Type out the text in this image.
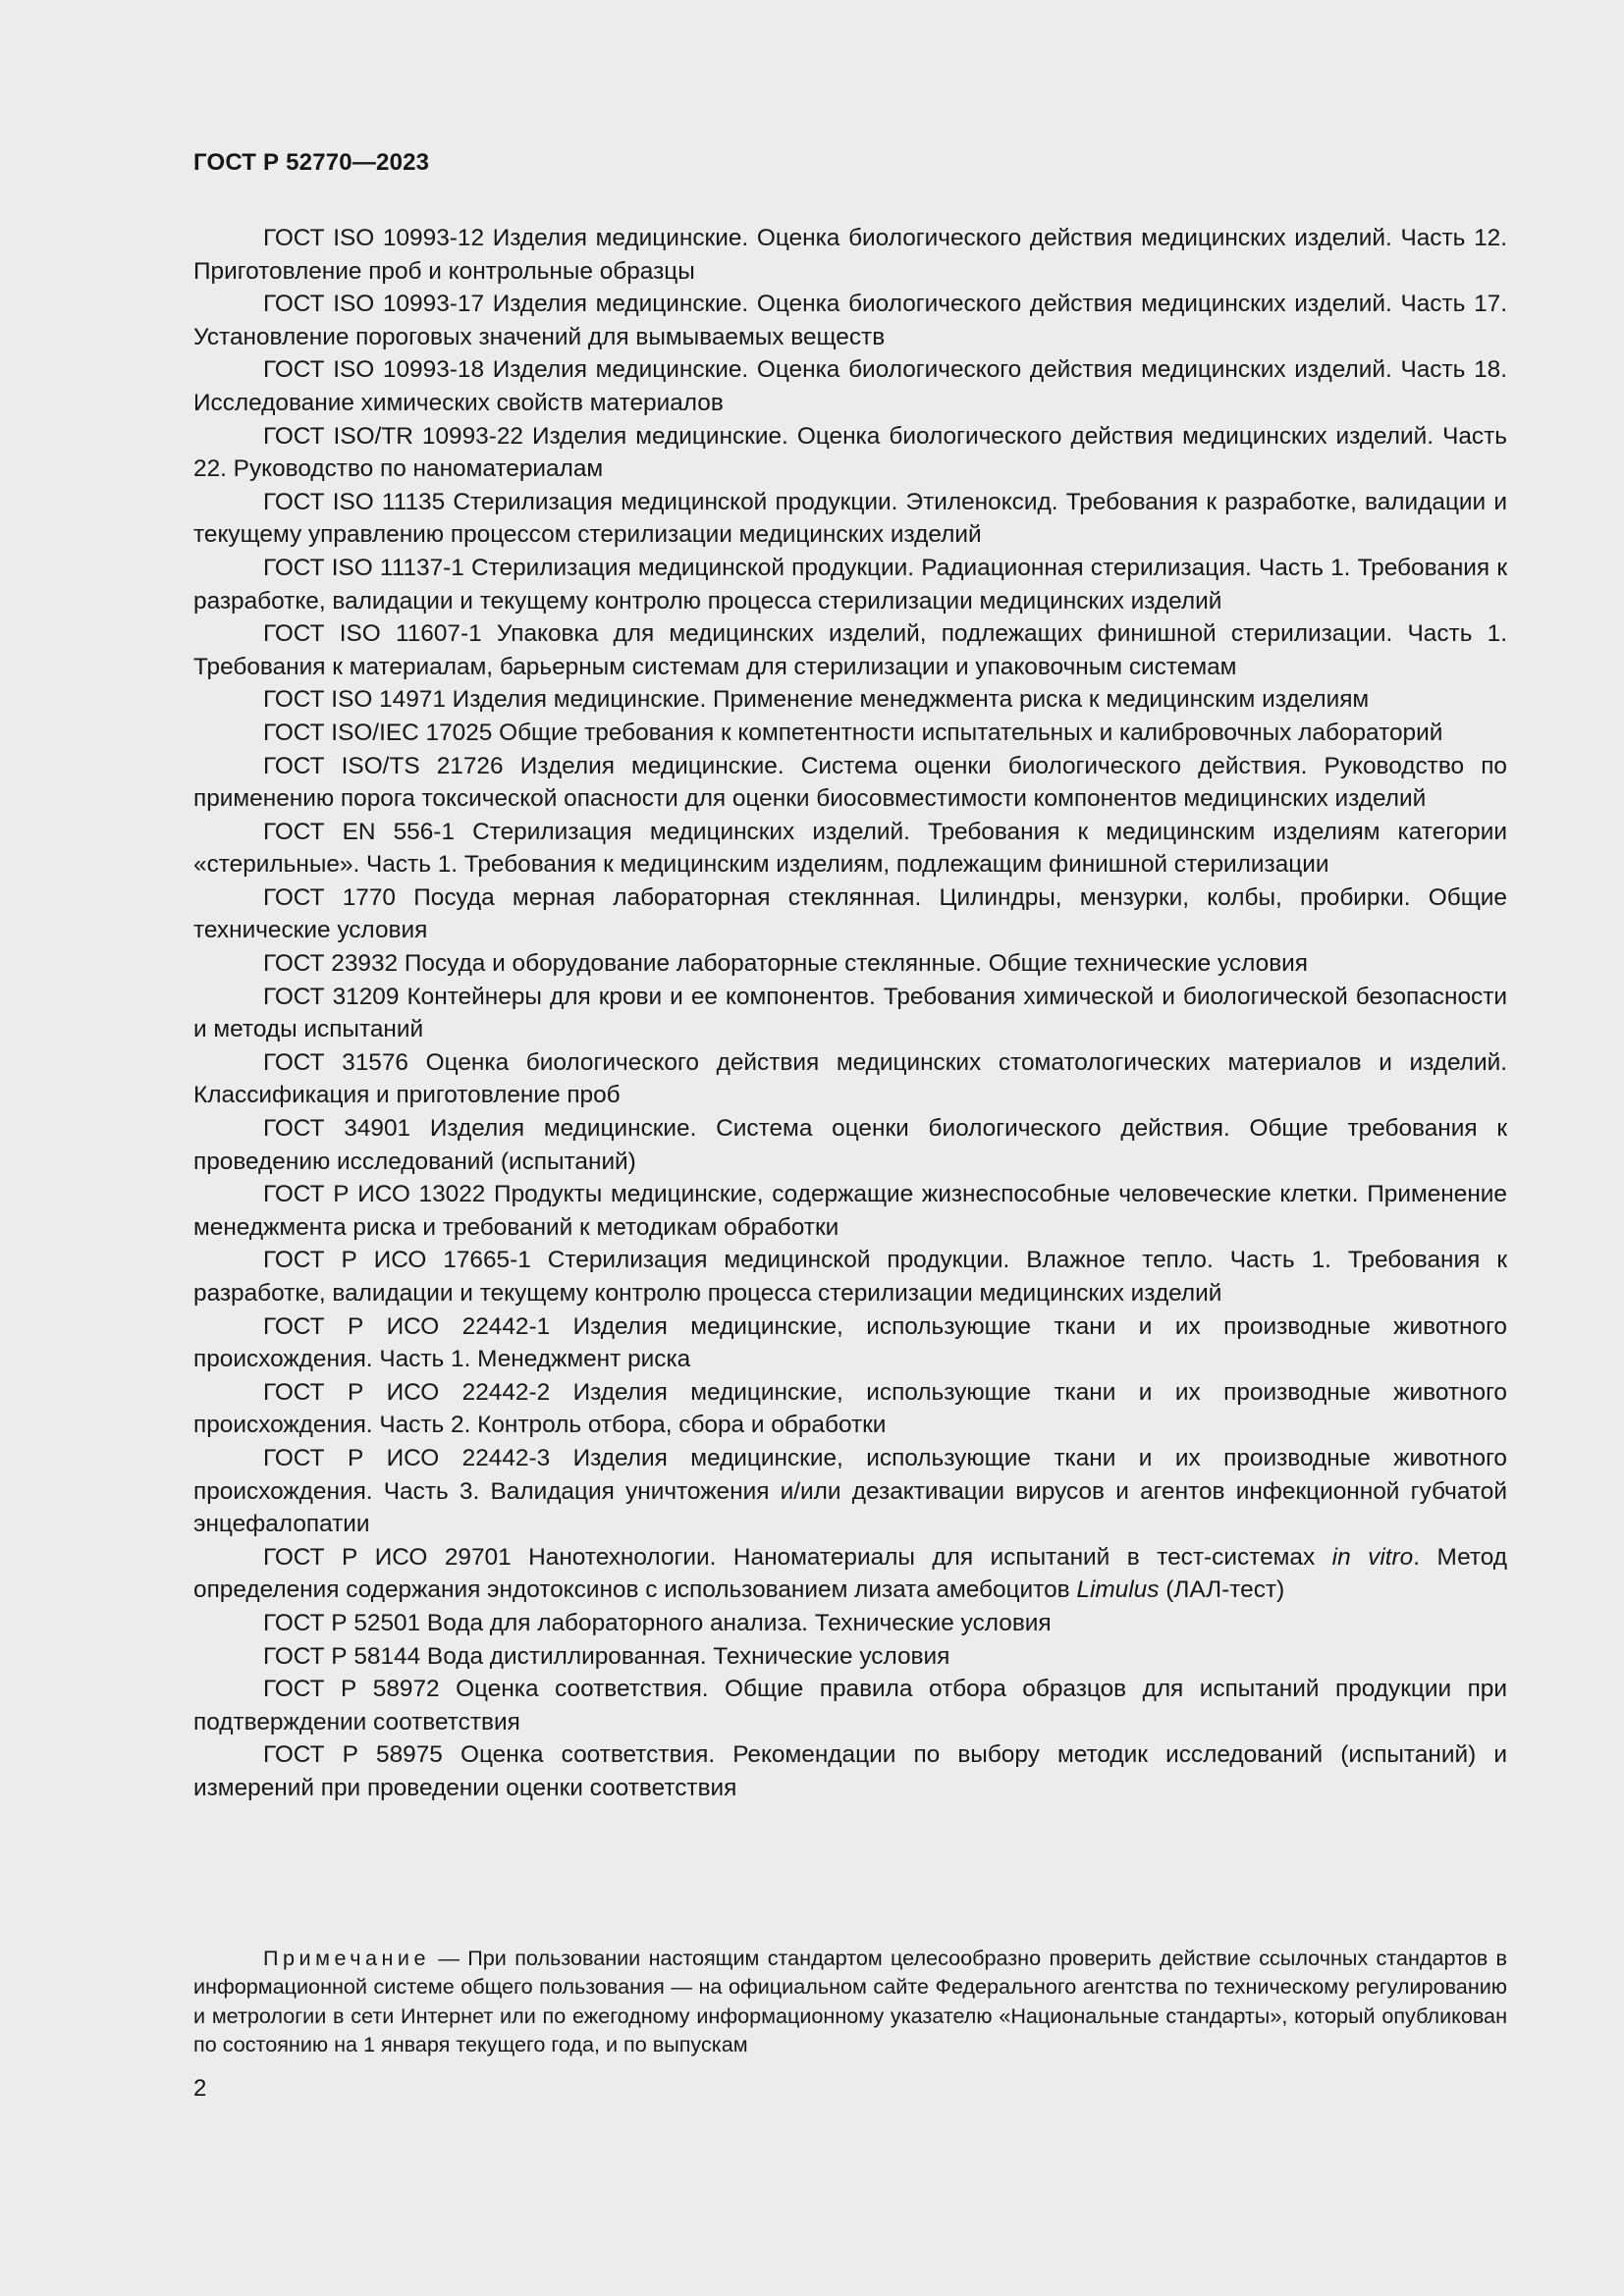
ГОСТ Р 52770—2023

ГОСТ ISO 10993-12 Изделия медицинские. Оценка биологического действия медицинских изделий. Часть 12. Приготовление проб и контрольные образцы

ГОСТ ISO 10993-17 Изделия медицинские. Оценка биологического действия медицинских изделий. Часть 17. Установление пороговых значений для вымываемых веществ

ГОСТ ISO 10993-18 Изделия медицинские. Оценка биологического действия медицинских изделий. Часть 18. Исследование химических свойств материалов

ГОСТ ISO/TR 10993-22 Изделия медицинские. Оценка биологического действия медицинских изделий. Часть 22. Руководство по наноматериалам

ГОСТ ISO 11135 Стерилизация медицинской продукции. Этиленоксид. Требования к разработке, валидации и текущему управлению процессом стерилизации медицинских изделий

ГОСТ ISO 11137-1 Стерилизация медицинской продукции. Радиационная стерилизация. Часть 1. Требования к разработке, валидации и текущему контролю процесса стерилизации медицинских изделий

ГОСТ ISO 11607-1 Упаковка для медицинских изделий, подлежащих финишной стерилизации. Часть 1. Требования к материалам, барьерным системам для стерилизации и упаковочным системам

ГОСТ ISO 14971 Изделия медицинские. Применение менеджмента риска к медицинским изделиям

ГОСТ ISO/IEC 17025 Общие требования к компетентности испытательных и калибровочных лабораторий

ГОСТ ISO/TS 21726 Изделия медицинские. Система оценки биологического действия. Руководство по применению порога токсической опасности для оценки биосовместимости компонентов медицинских изделий

ГОСТ EN 556-1 Стерилизация медицинских изделий. Требования к медицинским изделиям категории «стерильные». Часть 1. Требования к медицинским изделиям, подлежащим финишной стерилизации

ГОСТ 1770 Посуда мерная лабораторная стеклянная. Цилиндры, мензурки, колбы, пробирки. Общие технические условия

ГОСТ 23932 Посуда и оборудование лабораторные стеклянные. Общие технические условия

ГОСТ 31209 Контейнеры для крови и ее компонентов. Требования химической и биологической безопасности и методы испытаний

ГОСТ 31576 Оценка биологического действия медицинских стоматологических материалов и изделий. Классификация и приготовление проб

ГОСТ 34901 Изделия медицинские. Система оценки биологического действия. Общие требования к проведению исследований (испытаний)

ГОСТ Р ИСО 13022 Продукты медицинские, содержащие жизнеспособные человеческие клетки. Применение менеджмента риска и требований к методикам обработки

ГОСТ Р ИСО 17665-1 Стерилизация медицинской продукции. Влажное тепло. Часть 1. Требования к разработке, валидации и текущему контролю процесса стерилизации медицинских изделий

ГОСТ Р ИСО 22442-1 Изделия медицинские, использующие ткани и их производные животного происхождения. Часть 1. Менеджмент риска

ГОСТ Р ИСО 22442-2 Изделия медицинские, использующие ткани и их производные животного происхождения. Часть 2. Контроль отбора, сбора и обработки

ГОСТ Р ИСО 22442-3 Изделия медицинские, использующие ткани и их производные животного происхождения. Часть 3. Валидация уничтожения и/или дезактивации вирусов и агентов инфекционной губчатой энцефалопатии

ГОСТ Р ИСО 29701 Нанотехнологии. Наноматериалы для испытаний в тест-системах in vitro. Метод определения содержания эндотоксинов с использованием лизата амебоцитов Limulus (ЛАЛ-тест)

ГОСТ Р 52501 Вода для лабораторного анализа. Технические условия

ГОСТ Р 58144 Вода дистиллированная. Технические условия

ГОСТ Р 58972 Оценка соответствия. Общие правила отбора образцов для испытаний продукции при подтверждении соответствия

ГОСТ Р 58975 Оценка соответствия. Рекомендации по выбору методик исследований (испытаний) и измерений при проведении оценки соответствия

Примечание — При пользовании настоящим стандартом целесообразно проверить действие ссылочных стандартов в информационной системе общего пользования — на официальном сайте Федерального агентства по техническому регулированию и метрологии в сети Интернет или по ежегодному информационному указателю «Национальные стандарты», который опубликован по состоянию на 1 января текущего года, и по выпускам
2
